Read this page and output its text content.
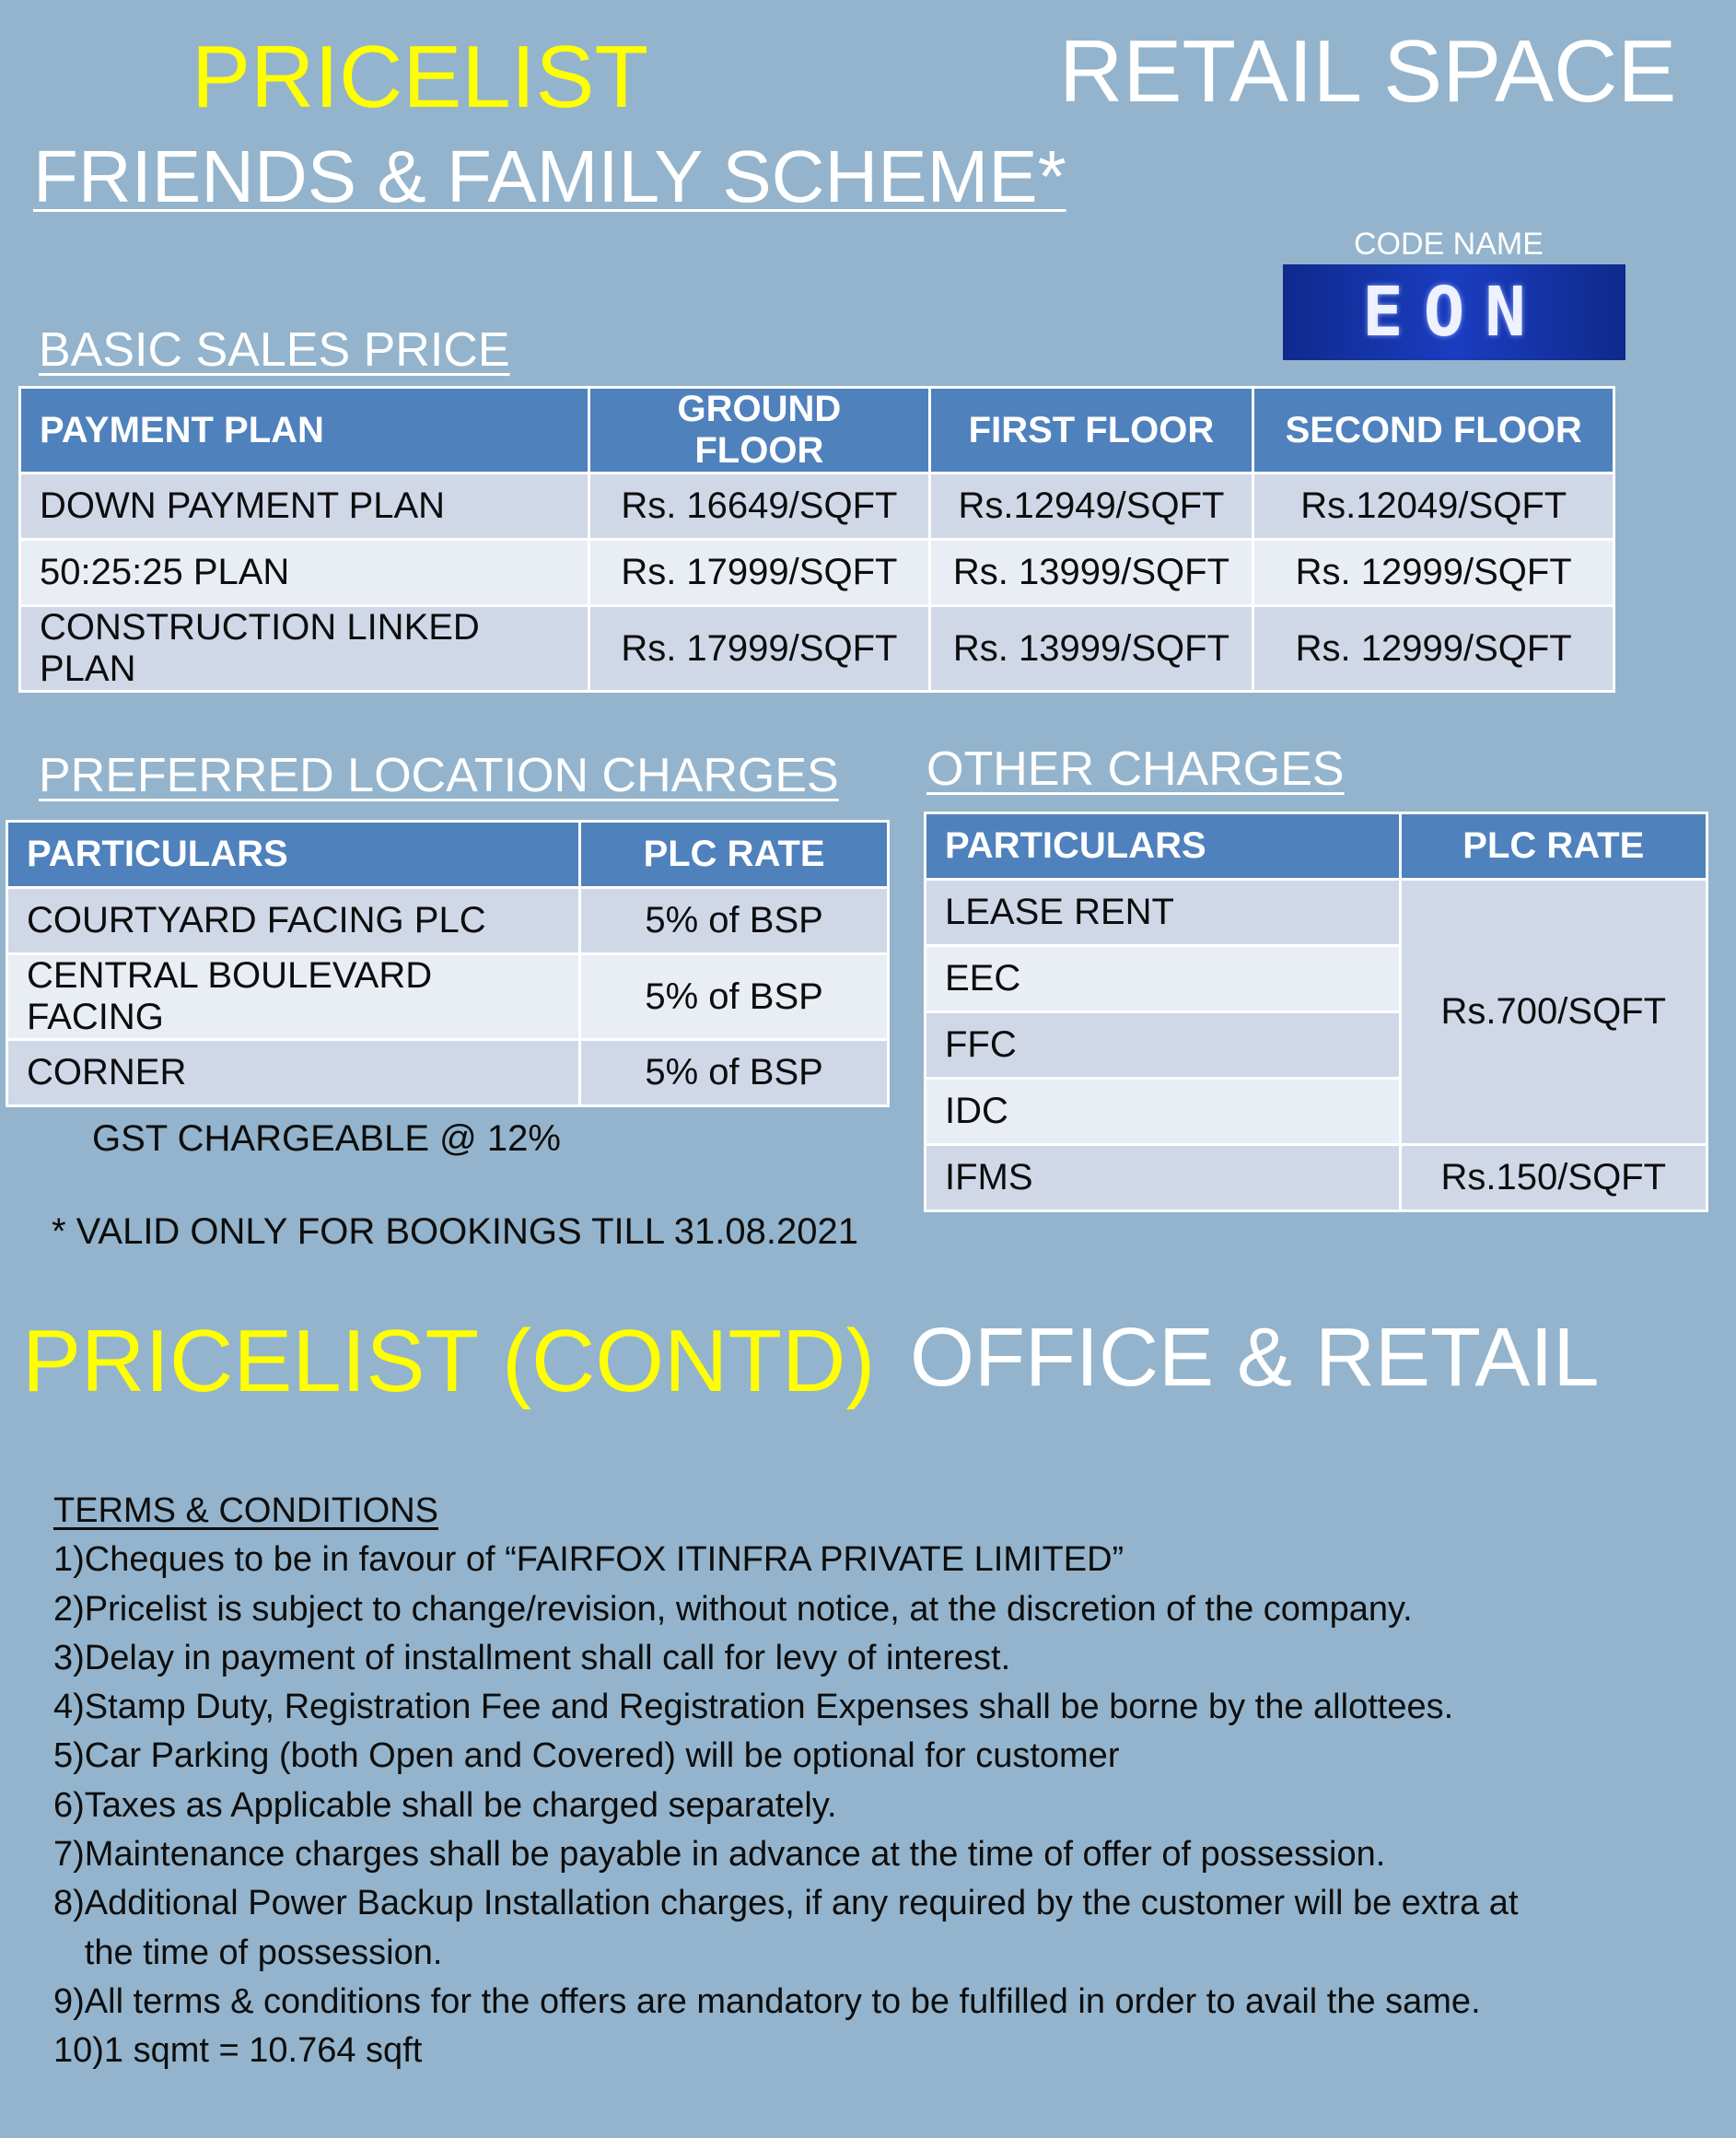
PRICELIST	RETAIL SPACE
FRIENDS & FAMILY SCHEME*
CODE NAME
EON
BASIC SALES PRICE
PAYMENT PLAN	GROUND FLOOR	FIRST FLOOR	SECOND FLOOR
DOWN PAYMENT PLAN	Rs. 16649/SQFT	Rs.12949/SQFT	Rs.12049/SQFT
50:25:25 PLAN	Rs. 17999/SQFT	Rs. 13999/SQFT	Rs. 12999/SQFT
CONSTRUCTION LINKED PLAN	Rs. 17999/SQFT	Rs. 13999/SQFT	Rs. 12999/SQFT
PREFERRED LOCATION CHARGES
PARTICULARS	PLC RATE
COURTYARD FACING PLC	5% of BSP
CENTRAL BOULEVARD FACING	5% of BSP
CORNER	5% of BSP
OTHER CHARGES
PARTICULARS	PLC RATE
LEASE RENT	Rs.700/SQFT
EEC	
FFC	
IDC	
IFMS	Rs.150/SQFT
GST CHARGEABLE @ 12%
* VALID ONLY FOR BOOKINGS TILL 31.08.2021
PRICELIST (CONTD) OFFICE & RETAIL
TERMS & CONDITIONS
1) Cheques to be in favour of “FAIRFOX ITINFRA PRIVATE LIMITED”
2) Pricelist is subject to change/revision, without notice, at the discretion of the company.
3) Delay in payment of installment shall call for levy of interest.
4) Stamp Duty, Registration Fee and Registration Expenses shall be borne by the allottees.
5) Car Parking (both Open and Covered) will be optional for customer
6) Taxes as Applicable shall be charged separately.
7) Maintenance charges shall be payable in advance at the time of offer of possession.
8) Additional Power Backup Installation charges, if any required by the customer will be extra at the time of possession.
9) All terms & conditions for the offers are mandatory to be fulfilled in order to avail the same.
10) 1 sqmt = 10.764 sqft
